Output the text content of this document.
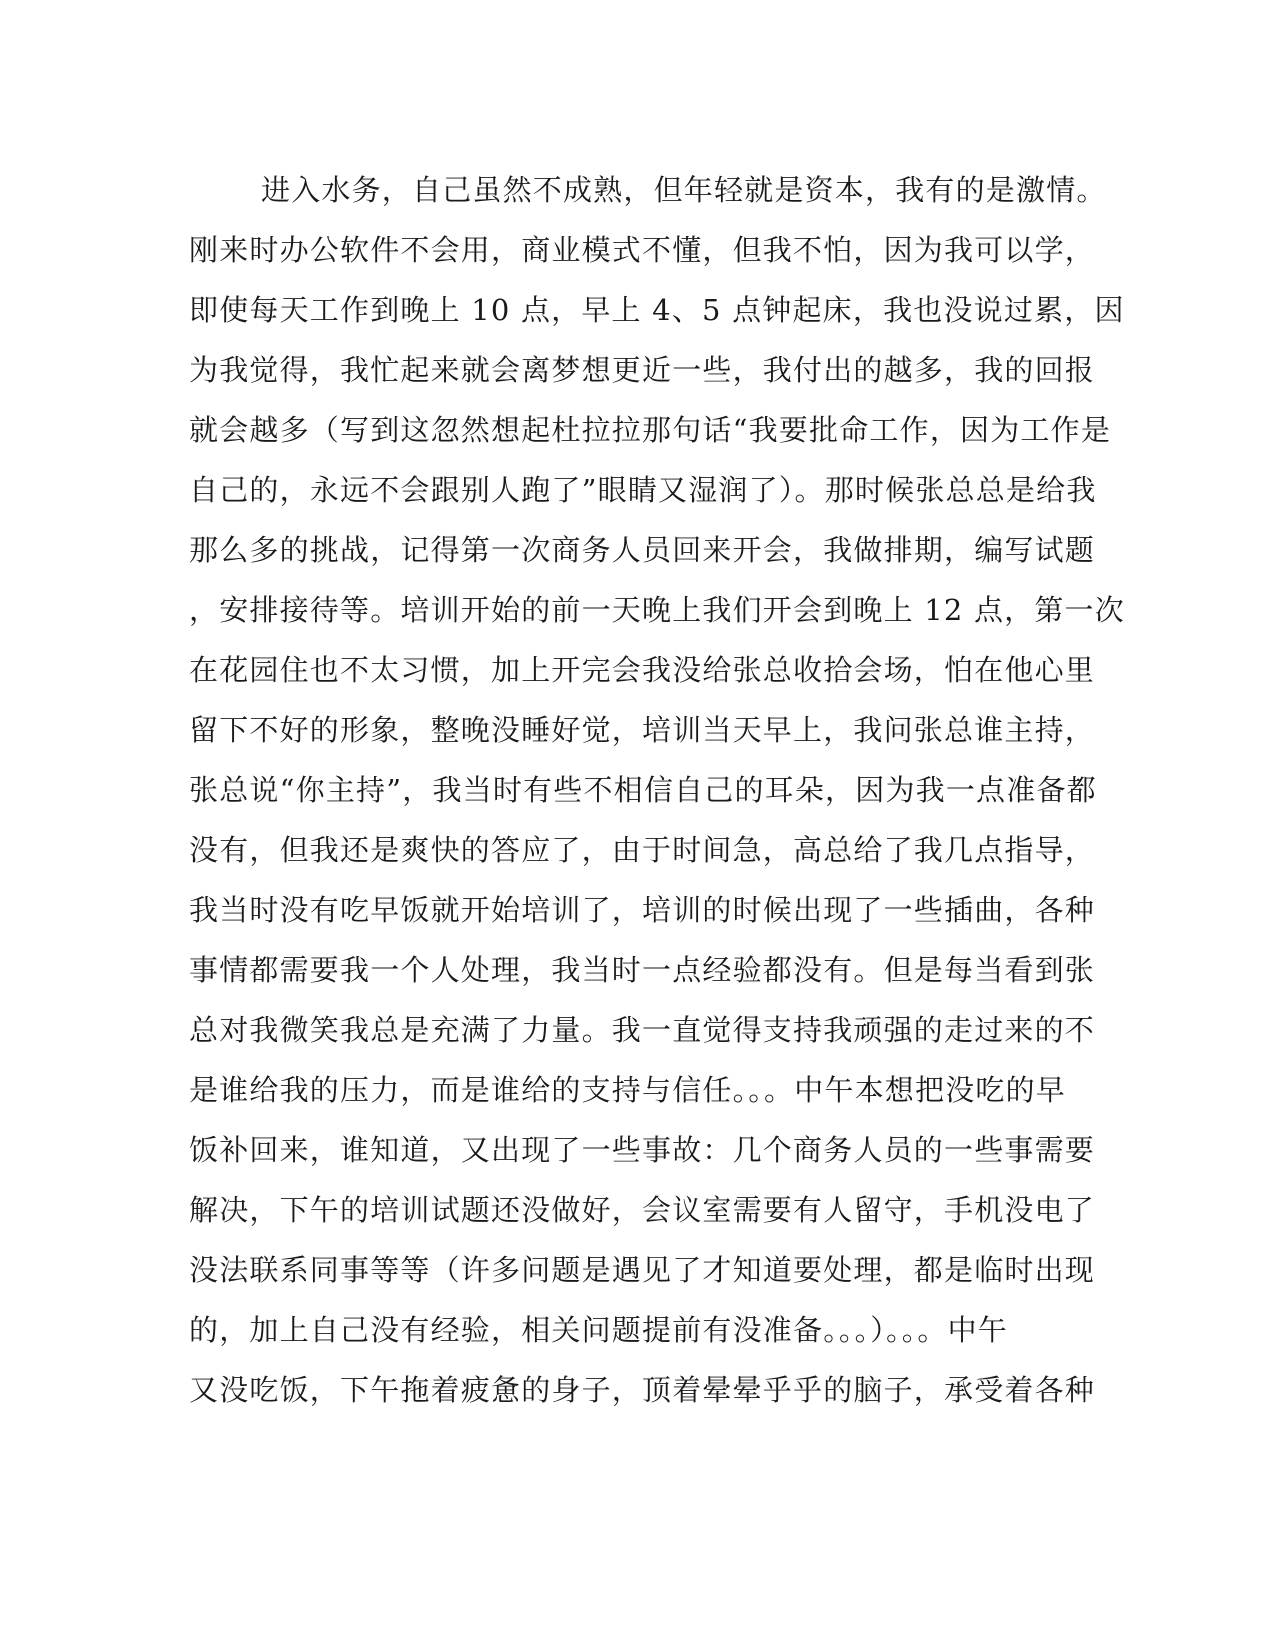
进入水务，自己虽然不成熟，但年轻就是资本，我有的是激情。
刚来时办公软件不会用，商业模式不懂，但我不怕，因为我可以学，
即使每天工作到晚上 10 点，早上 4、5 点钟起床，我也没说过累，因
为我觉得，我忙起来就会离梦想更近一些，我付出的越多，我的回报
就会越多（写到这忽然想起杜拉拉那句话“我要批命工作，因为工作是
自己的，永远不会跟别人跑了”眼睛又湿润了）。那时候张总总是给我
那么多的挑战，记得第一次商务人员回来开会，我做排期，编写试题
，安排接待等。培训开始的前一天晚上我们开会到晚上 12 点，第一次
在花园住也不太习惯，加上开完会我没给张总收拾会场，怕在他心里
留下不好的形象，整晚没睡好觉，培训当天早上，我问张总谁主持，
张总说“你主持”，我当时有些不相信自己的耳朵，因为我一点准备都
没有，但我还是爽快的答应了，由于时间急，高总给了我几点指导，
我当时没有吃早饭就开始培训了，培训的时候出现了一些插曲，各种
事情都需要我一个人处理，我当时一点经验都没有。但是每当看到张
总对我微笑我总是充满了力量。我一直觉得支持我顽强的走过来的不
是谁给我的压力，而是谁给的支持与信任。。。中午本想把没吃的早
饭补回来，谁知道，又出现了一些事故：几个商务人员的一些事需要
解决，下午的培训试题还没做好，会议室需要有人留守，手机没电了
没法联系同事等等（许多问题是遇见了才知道要处理，都是临时出现
的，加上自己没有经验，相关问题提前有没准备。。。）。。。中午
又没吃饭，下午拖着疲惫的身子，顶着晕晕乎乎的脑子，承受着各种
